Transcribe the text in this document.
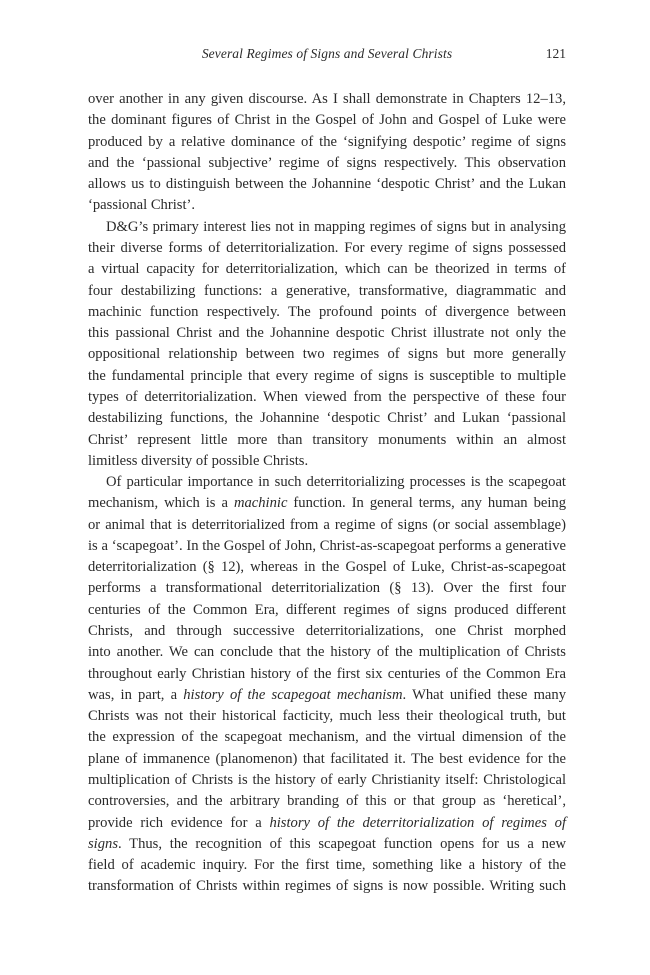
Several Regimes of Signs and Several Christs	121

over another in any given discourse. As I shall demonstrate in Chapters 12–13,
the dominant figures of Christ in the Gospel of John and Gospel of Luke were
produced by a relative dominance of the ‘signifying despotic’ regime of signs
and the ‘passional subjective’ regime of signs respectively. This observation
allows us to distinguish between the Johannine ‘despotic Christ’ and the Lukan
‘passional Christ’.

D&G’s primary interest lies not in mapping regimes of signs but in analysing
their diverse forms of deterritorialization. For every regime of signs possessed
a virtual capacity for deterritorialization, which can be theorized in terms of
four destabilizing functions: a generative, transformative, diagrammatic and
machinic function respectively. The profound points of divergence between
this passional Christ and the Johannine despotic Christ illustrate not only the
oppositional relationship between two regimes of signs but more generally
the fundamental principle that every regime of signs is susceptible to multiple
types of deterritorialization. When viewed from the perspective of these four
destabilizing functions, the Johannine ‘despotic Christ’ and Lukan ‘passional
Christ’ represent little more than transitory monuments within an almost
limitless diversity of possible Christs.

Of particular importance in such deterritorializing processes is the scapegoat
mechanism, which is a machinic function. In general terms, any human being
or animal that is deterritorialized from a regime of signs (or social assemblage)
is a ‘scapegoat’. In the Gospel of John, Christ-as-scapegoat performs a generative
deterritorialization (§ 12), whereas in the Gospel of Luke, Christ-as-scapegoat
performs a transformational deterritorialization (§ 13). Over the first four
centuries of the Common Era, different regimes of signs produced different
Christs, and through successive deterritorializations, one Christ morphed
into another. We can conclude that the history of the multiplication of Christs
throughout early Christian history of the first six centuries of the Common Era
was, in part, a history of the scapegoat mechanism. What unified these many
Christs was not their historical facticity, much less their theological truth, but
the expression of the scapegoat mechanism, and the virtual dimension of the
plane of immanence (planomenon) that facilitated it. The best evidence for the
multiplication of Christs is the history of early Christianity itself: Christological
controversies, and the arbitrary branding of this or that group as ‘heretical’,
provide rich evidence for a history of the deterritorialization of regimes of
signs. Thus, the recognition of this scapegoat function opens for us a new
field of academic inquiry. For the first time, something like a history of the
transformation of Christs within regimes of signs is now possible. Writing such
